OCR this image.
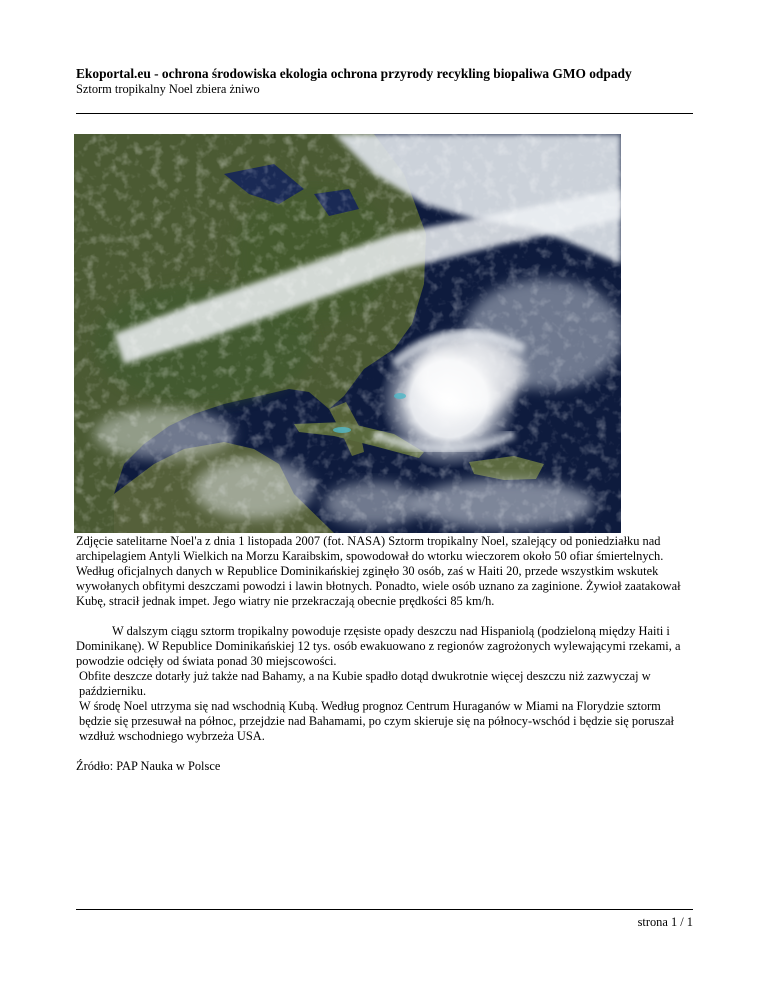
Ekoportal.eu - ochrona środowiska ekologia ochrona przyrody recykling biopaliwa GMO odpady
Sztorm tropikalny Noel zbiera żniwo

Zdjęcie satelitarne Noel'a z dnia 1 listopada 2007 (fot. NASA) Sztorm tropikalny Noel, szalejący od poniedziałku nad archipelagiem Antyli Wielkich na Morzu Karaibskim, spowodował do wtorku wieczorem około 50 ofiar śmiertelnych. Według oficjalnych danych w Republice Dominikańskiej zginęło 30 osób, zaś w Haiti 20, przede wszystkim wskutek wywołanych obfitymi deszczami powodzi i lawin błotnych. Ponadto, wiele osób uznano za zaginione. Żywioł zaatakował Kubę, stracił jednak impet. Jego wiatry nie przekraczają obecnie prędkości 85 km/h.

W dalszym ciągu sztorm tropikalny powoduje rzęsiste opady deszczu nad Hispaniolą (podzieloną między Haiti i Dominikanę). W Republice Dominikańskiej 12 tys. osób ewakuowano z regionów zagrożonych wylewającymi rzekami, a powodzie odcięły od świata ponad 30 miejscowości.

Obfite deszcze dotarły już także nad Bahamy, a na Kubie spadło dotąd dwukrotnie więcej deszczu niż zazwyczaj w październiku.

W środę Noel utrzyma się nad wschodnią Kubą. Według prognoz Centrum Huraganów w Miami na Florydzie sztorm będzie się przesuwał na północ, przejdzie nad Bahamami, po czym skieruje się na północy-wschód i będzie się poruszał wzdłuż wschodniego wybrzeża USA.

Źródło: PAP Nauka w Polsce

strona 1 / 1
